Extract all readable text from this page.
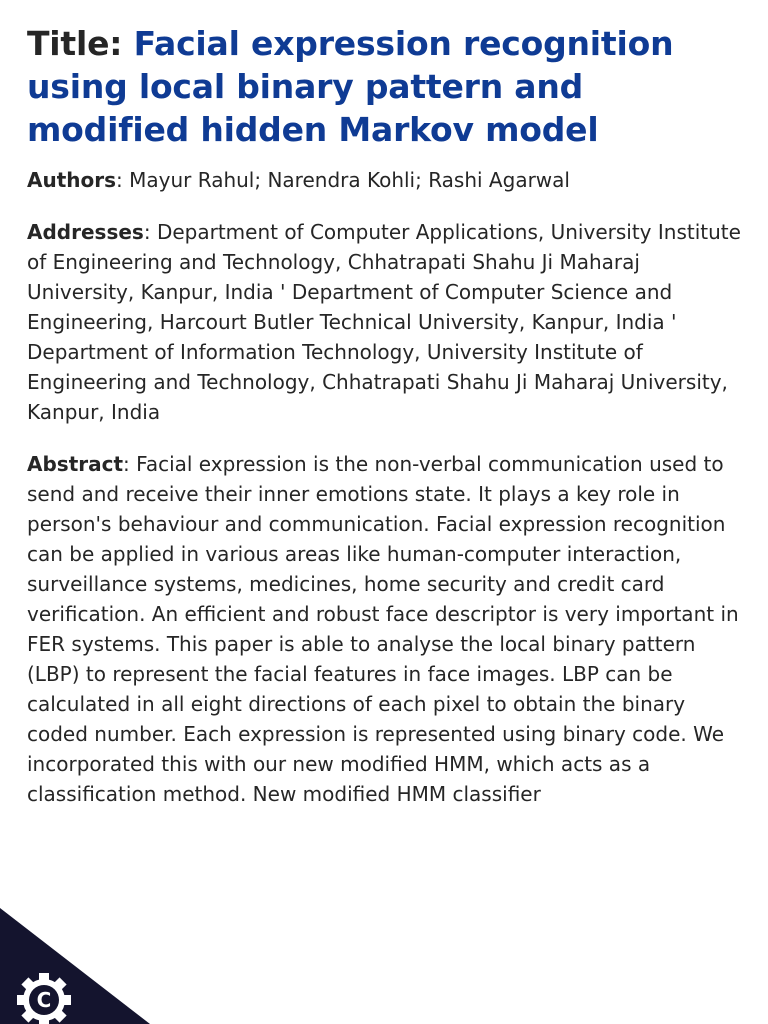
Title: Facial expression recognition using local binary pattern and modified hidden Markov model

Authors: Mayur Rahul; Narendra Kohli; Rashi Agarwal

Addresses: Department of Computer Applications, University Institute of Engineering and Technology, Chhatrapati Shahu Ji Maharaj University, Kanpur, India ' Department of Computer Science and Engineering, Harcourt Butler Technical University, Kanpur, India ' Department of Information Technology, University Institute of Engineering and Technology, Chhatrapati Shahu Ji Maharaj University, Kanpur, India

Abstract: Facial expression is the non-verbal communication used to send and receive their inner emotions state. It plays a key role in person's behaviour and communication. Facial expression recognition can be applied in various areas like human-computer interaction, surveillance systems, medicines, home security and credit card verification. An efficient and robust face descriptor is very important in FER systems. This paper is able to analyse the local binary pattern (LBP) to represent the facial features in face images. LBP can be calculated in all eight directions of each pixel to obtain the binary coded number. Each expression is represented using binary code. We incorporated this with our new modified HMM, which acts as a classification method. New modified HMM classifier

C
